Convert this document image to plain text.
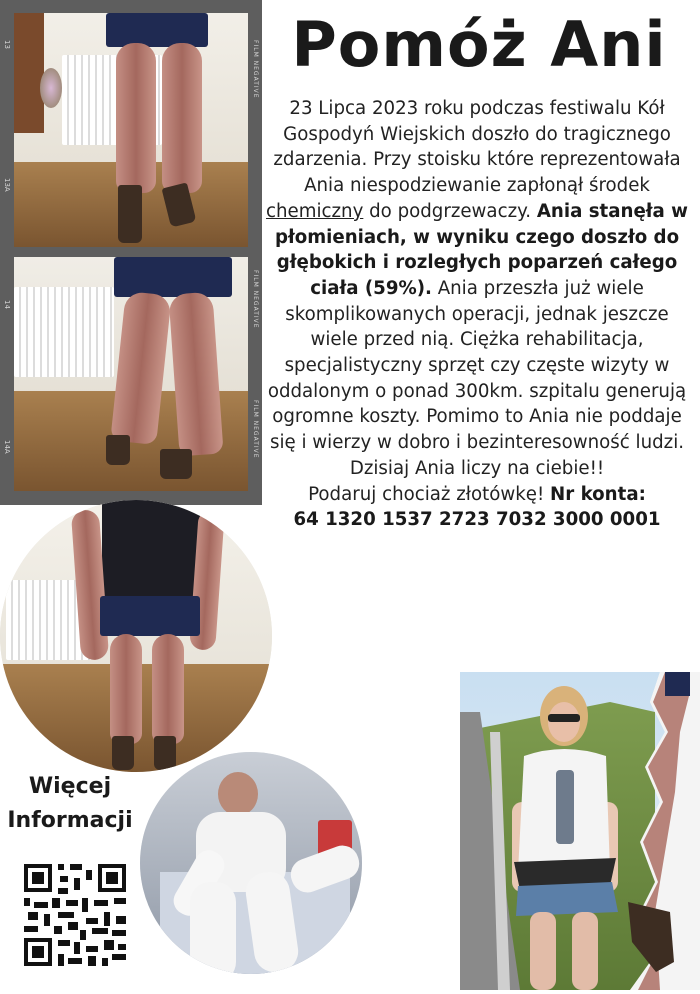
Pomóż Ani
23 Lipca 2023 roku podczas festiwalu Kół Gospodyń Wiejskich doszło do tragicznego zdarzenia. Przy stoisku które reprezentowała Ania niespodziewanie zapłonął środek chemiczny do podgrzewaczy. Ania stanęła w płomieniach, w wyniku czego doszło do głębokich i rozległych poparzeń całego ciała (59%). Ania przeszła już wiele skomplikowanych operacji, jednak jeszcze wiele przed nią. Ciężka rehabilitacja, specjalistyczny sprzęt czy częste wizyty w oddalonym o ponad 300km. szpitalu generują ogromne koszty. Pomimo to Ania nie poddaje się i wierzy w dobro i bezinteresowność ludzi. Dzisiaj Ania liczy na ciebie!!
Podaruj chociaż złotówkę! Nr konta:
64 1320 1537 2723 7032 3000 0001
13
13A
14
14A
FILM NEGATIVE
FILM NEGATIVE
FILM NEGATIVE
Więcej
Informacji
